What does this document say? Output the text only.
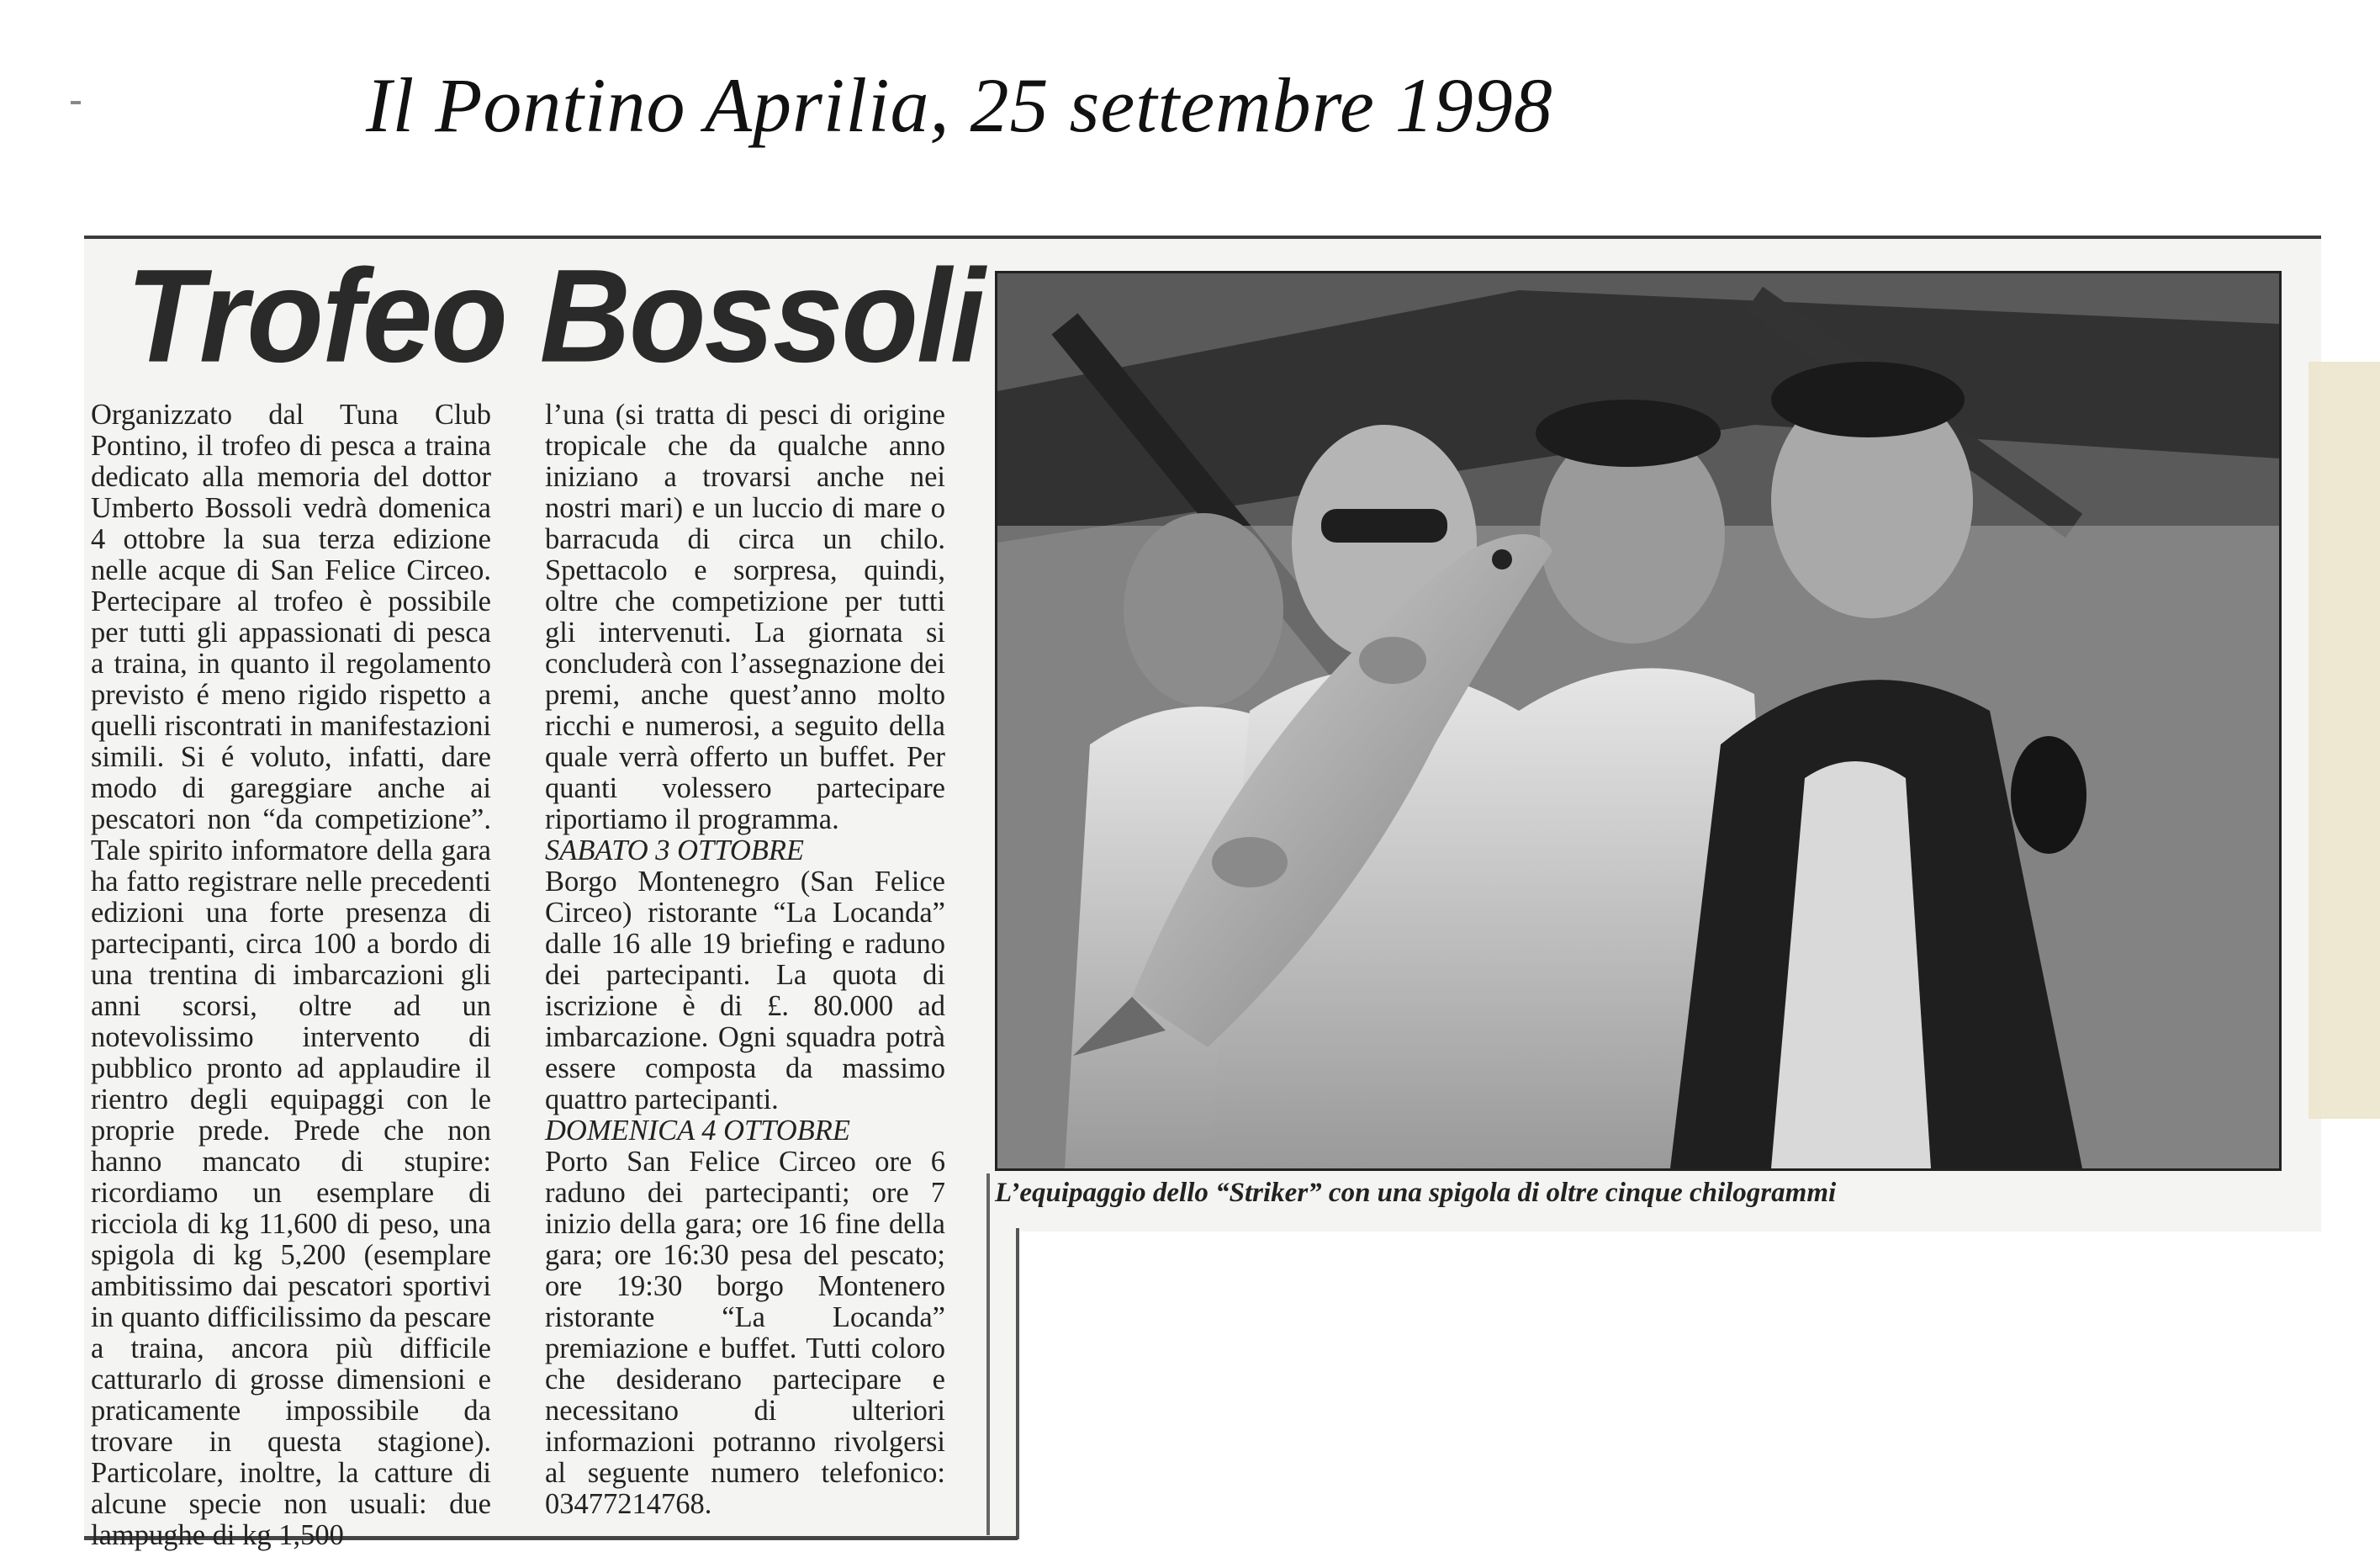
Il Pontino Aprilia, 25 settembre 1998
Trofeo Bossoli

Organizzato dal Tuna Club Pontino, il trofeo di pesca a traina dedicato alla memoria del dottor Umberto Bossoli vedrà domenica 4 ottobre la sua terza edizione nelle acque di San Felice Circeo. Pertecipare al trofeo è possibile per tutti gli appassionati di pesca a traina, in quanto il regolamento previsto é meno rigido rispetto a quelli riscontrati in manifestazioni simili. Si é voluto, infatti, dare modo di gareggiare anche ai pescatori non “da competizione”. Tale spirito informatore della gara ha fatto registrare nelle precedenti edizioni una forte presenza di partecipanti, circa 100 a bordo di una trentina di imbarcazioni gli anni scorsi, oltre ad un notevolissimo intervento di pubblico pronto ad applaudire il rientro degli equipaggi con le proprie prede. Prede che non hanno mancato di stupire: ricordiamo un esemplare di ricciola di kg 11,600 di peso, una spigola di kg 5,200 (esemplare ambitissimo dai pescatori sportivi in quanto difficilissimo da pescare a traina, ancora più difficile catturarlo di grosse dimensioni e praticamente impossibile da trovare in questa stagione). Particolare, inoltre, la catture di alcune specie non usuali: due lampughe di kg 1,500

l’una (si tratta di pesci di origine tropicale che da qualche anno iniziano a trovarsi anche nei nostri mari) e un luccio di mare o barracuda di circa un chilo. Spettacolo e sorpresa, quindi, oltre che competizione per tutti gli intervenuti. La giornata si concluderà con l’assegnazione dei premi, anche quest’anno molto ricchi e numerosi, a seguito della quale verrà offerto un buffet. Per quanti volessero partecipare riportiamo il programma.

SABATO 3 OTTOBRE

Borgo Montenegro (San Felice Circeo) ristorante “La Locanda” dalle 16 alle 19 briefing e raduno dei partecipanti. La quota di iscrizione è di £. 80.000 ad imbarcazione. Ogni squadra potrà essere composta da massimo quattro partecipanti.

DOMENICA 4 OTTOBRE

Porto San Felice Circeo ore 6 raduno dei partecipanti; ore 7 inizio della gara; ore 16 fine della gara; ore 16:30 pesa del pescato; ore 19:30 borgo Montenero ristorante “La Locanda” premiazione e buffet. Tutti coloro che desiderano partecipare e necessitano di ulteriori informazioni potranno rivolgersi al seguente numero telefonico: 03477214768.

L’equipaggio dello “Striker” con una spigola di oltre cinque chilogrammi
